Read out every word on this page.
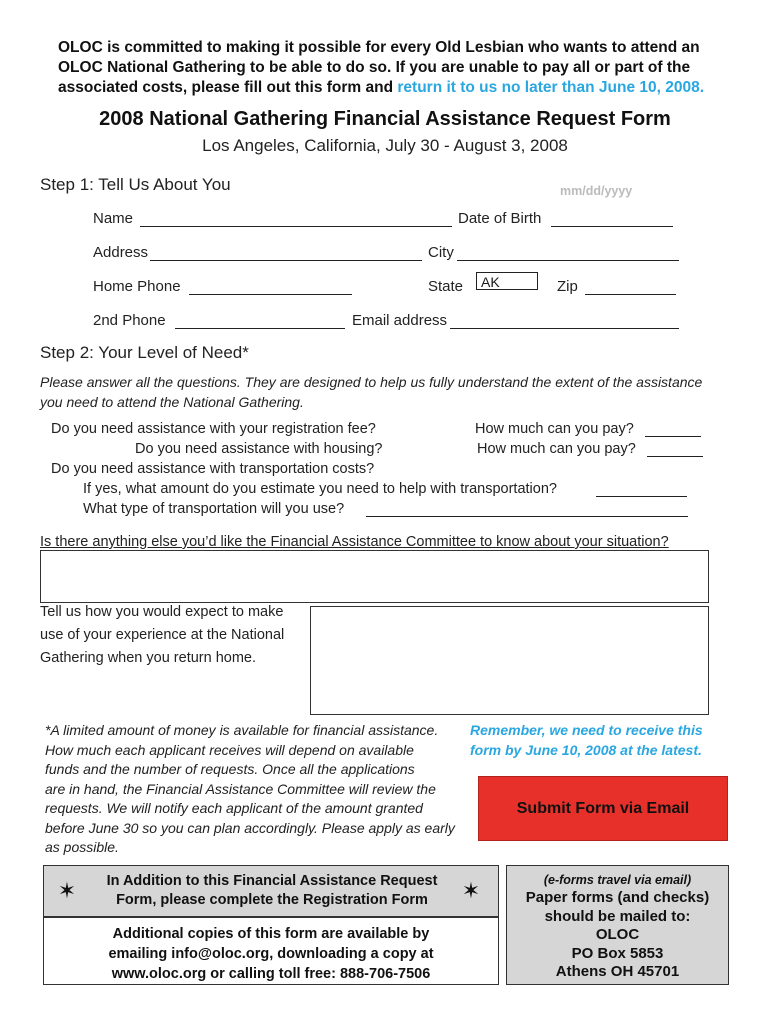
OLOC is committed to making it possible for every Old Lesbian who wants to attend an
OLOC National Gathering to be able to do so. If you are unable to pay all or part of the
associated costs, please fill out this form and return it to us no later than June 10, 2008.
2008 National Gathering Financial Assistance Request Form
Los Angeles, California, July 30 - August 3, 2008
Step 1: Tell Us About You	mm/dd/yyyy
Name	Date of Birth
Address	City
Home Phone	State	AK	Zip
2nd Phone	Email address
Step 2: Your Level of Need*
Please answer all the questions. They are designed to help us fully understand the extent of the assistance
you need to attend the National Gathering.
Do you need assistance with your registration fee?	How much can you pay?
Do you need assistance with housing?	How much can you pay?
Do you need assistance with transportation costs?
If yes, what amount do you estimate you need to help with transportation?
What type of transportation will you use?
Is there anything else you’d like the Financial Assistance Committee to know about your situation?
Tell us how you would expect to make
use of your experience at the National
Gathering when you return home.
*A limited amount of money is available for financial assistance.
How much each applicant receives will depend on available
funds and the number of requests. Once all the applications
are in hand, the Financial Assistance Committee will review the
requests. We will notify each applicant of the amount granted
before June 30 so you can plan accordingly. Please apply as early
as possible.
Remember, we need to receive this
form by June 10, 2008 at the latest.
Submit Form via Email
✶	In Addition to this Financial Assistance Request
Form, please complete the Registration Form	✶
Additional copies of this form are available by
emailing info@oloc.org, downloading a copy at
www.oloc.org or calling toll free: 888-706-7506
(e-forms travel via email)
Paper forms (and checks)
should be mailed to:
OLOC
PO Box 5853
Athens OH 45701
